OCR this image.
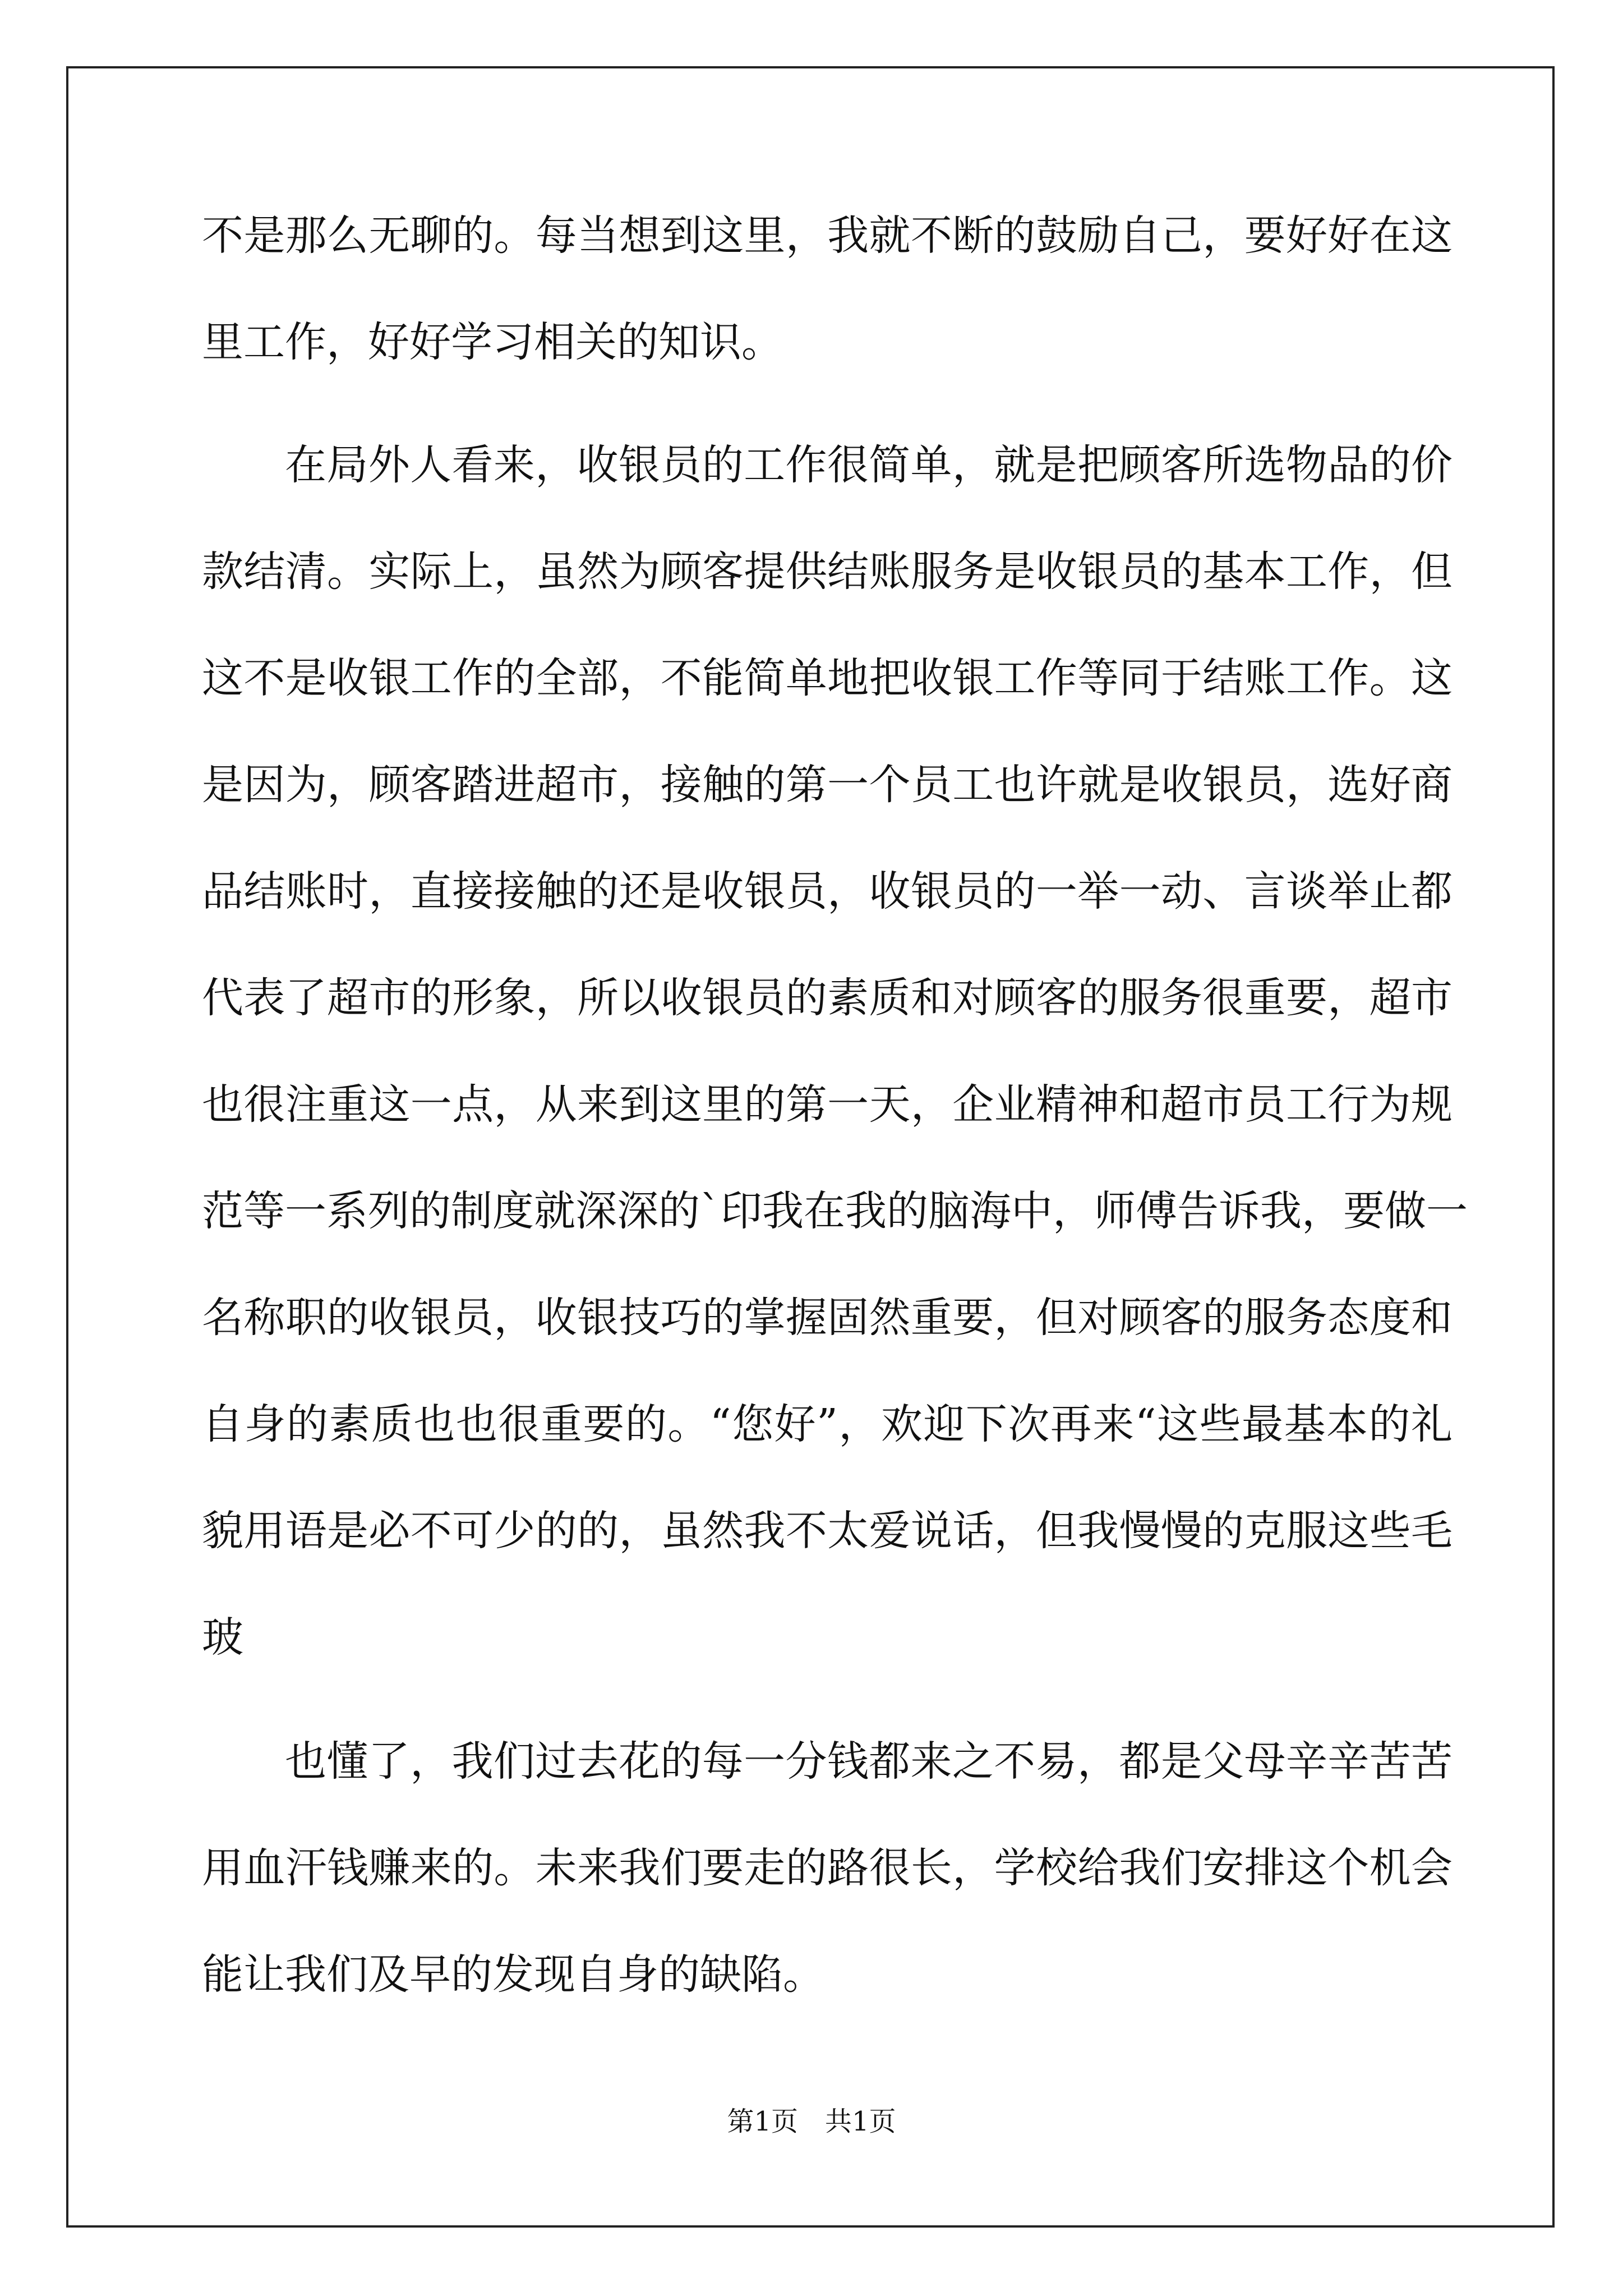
不是那么无聊的。每当想到这里，我就不断的鼓励自己，要好好在这
里工作，好好学习相关的知识。
在局外人看来，收银员的工作很简单，就是把顾客所选物品的价
款结清。实际上，虽然为顾客提供结账服务是收银员的基本工作，但
这不是收银工作的全部，不能简单地把收银工作等同于结账工作。这
是因为，顾客踏进超市，接触的第一个员工也许就是收银员，选好商
品结账时，直接接触的还是收银员，收银员的一举一动、言谈举止都
代表了超市的形象，所以收银员的素质和对顾客的服务很重要，超市
也很注重这一点，从来到这里的第一天，企业精神和超市员工行为规
范等一系列的制度就深深的`印我在我的脑海中，师傅告诉我，要做一
名称职的收银员，收银技巧的掌握固然重要，但对顾客的服务态度和
自身的素质也也很重要的。“您好”，欢迎下次再来“这些最基本的礼
貌用语是必不可少的的，虽然我不太爱说话，但我慢慢的克服这些毛
玻
也懂了，我们过去花的每一分钱都来之不易，都是父母辛辛苦苦
用血汗钱赚来的。未来我们要走的路很长，学校给我们安排这个机会
能让我们及早的发现自身的缺陷。
第1页　共1页
